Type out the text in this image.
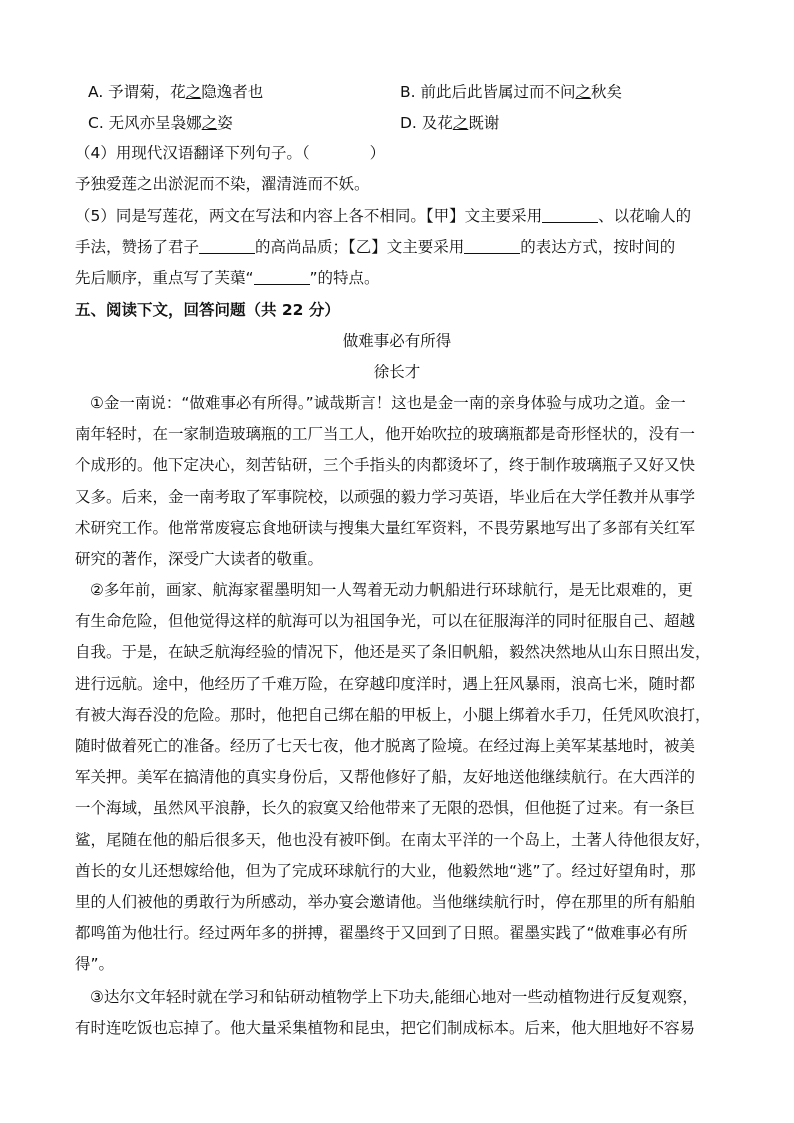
A. 予谓菊，花之隐逸者也	B. 前此后此皆属过而不问之秋矣
C. 无风亦呈袅娜之姿	D. 及花之既谢
（4）用现代汉语翻译下列句子。（	）
予独爱莲之出淤泥而不染，濯清涟而不妖。
（5）同是写莲花，两文在写法和内容上各不相同。【甲】文主要采用	、以花喻人的
手法，赞扬了君子	的高尚品质；【乙】文主要采用	的表达方式，按时间的
先后顺序，重点写了芙蕖“	”的特点。
五、阅读下文，回答问题（共 22 分）
做难事必有所得
徐长才
①金一南说：“做难事必有所得。”诚哉斯言！这也是金一南的亲身体验与成功之道。金一
南年轻时，在一家制造玻璃瓶的工厂当工人，他开始吹拉的玻璃瓶都是奇形怪状的，没有一
个成形的。他下定决心，刻苦钻研，三个手指头的肉都烫坏了，终于制作玻璃瓶子又好又快
又多。后来，金一南考取了军事院校，以顽强的毅力学习英语，毕业后在大学任教并从事学
术研究工作。他常常废寝忘食地研读与搜集大量红军资料，不畏劳累地写出了多部有关红军
研究的著作，深受广大读者的敬重。
②多年前，画家、航海家翟墨明知一人驾着无动力帆船进行环球航行，是无比艰难的，更
有生命危险，但他觉得这样的航海可以为祖国争光，可以在征服海洋的同时征服自己、超越
自我。于是，在缺乏航海经验的情况下，他还是买了条旧帆船，毅然决然地从山东日照出发，
进行远航。途中，他经历了千难万险，在穿越印度洋时，遇上狂风暴雨，浪高七米，随时都
有被大海吞没的危险。那时，他把自己绑在船的甲板上，小腿上绑着水手刀，任凭风吹浪打，
随时做着死亡的准备。经历了七天七夜，他才脱离了险境。在经过海上美军某基地时，被美
军关押。美军在搞清他的真实身份后，又帮他修好了船，友好地送他继续航行。在大西洋的
一个海域，虽然风平浪静，长久的寂寞又给他带来了无限的恐惧，但他挺了过来。有一条巨
鲨，尾随在他的船后很多天，他也没有被吓倒。在南太平洋的一个岛上，土著人待他很友好，
酋长的女儿还想嫁给他，但为了完成环球航行的大业，他毅然地“逃”了。经过好望角时，那
里的人们被他的勇敢行为所感动，举办宴会邀请他。当他继续航行时，停在那里的所有船舶
都鸣笛为他壮行。经过两年多的拼搏，翟墨终于又回到了日照。翟墨实践了“做难事必有所
得”。
③达尔文年轻时就在学习和钻研动植物学上下功夫,能细心地对一些动植物进行反复观察，
有时连吃饭也忘掉了。他大量采集植物和昆虫，把它们制成标本。后来，他大胆地好不容易
